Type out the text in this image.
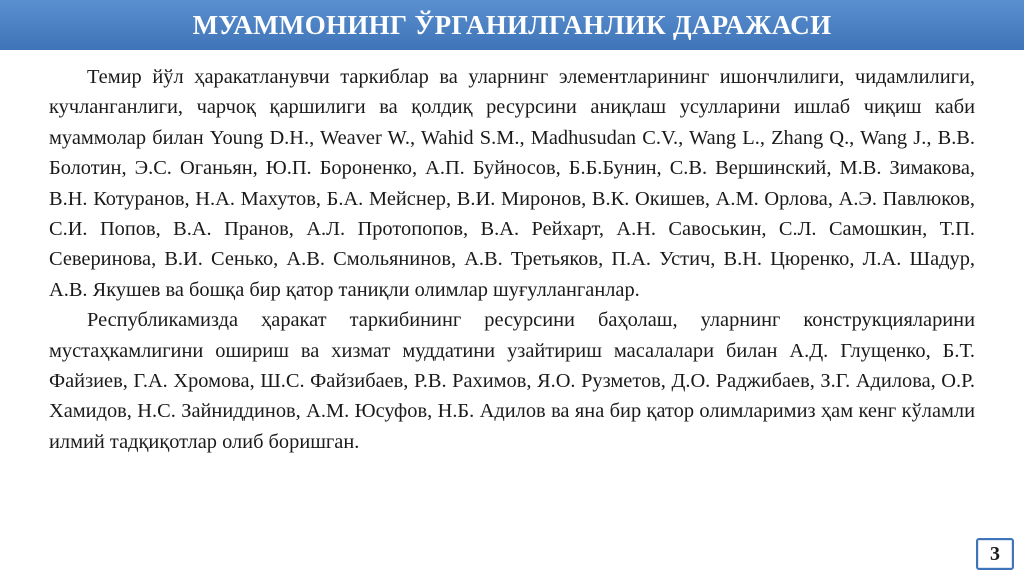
МУАММОНИНГ ЎРГАНИЛГАНЛИК ДАРАЖАСИ

Темир йўл ҳаракатланувчи таркиблар ва уларнинг элементларининг ишончлилиги, чидамлилиги, кучланганлиги, чарчоқ қаршилиги ва қолдиқ ресурсини аниқлаш усулларини ишлаб чиқиш каби муаммолар билан Young D.H., Weaver W., Wahid S.M., Madhusudan C.V., Wang L., Zhang Q., Wang J., В.В. Болотин, Э.С. Оганьян, Ю.П. Бороненко, А.П. Буйносов, Б.Б.Бунин, С.В. Вершинский, М.В. Зимакова, В.Н. Котуранов, Н.А. Махутов, Б.А. Мейснер, В.И. Миронов, В.К. Окишев, А.М. Орлова, А.Э. Павлюков, С.И. Попов, В.А. Пранов, А.Л. Протопопов, В.А. Рейхарт, А.Н. Савоськин, С.Л. Самошкин, Т.П. Северинова, В.И. Сенько, А.В. Смольянинов, А.В. Третьяков, П.А. Устич, В.Н. Цюренко, Л.А. Шадур, А.В. Якушев ва бошқа бир қатор таниқли олимлар шуғулланганлар.

Республикамизда ҳаракат таркибининг ресурсини баҳолаш, уларнинг конструкцияларини мустаҳкамлигини ошириш ва хизмат муддатини узайтириш масалалари билан А.Д. Глущенко, Б.Т. Файзиев, Г.А. Хромова, Ш.С. Файзибаев, Р.В. Рахимов, Я.О. Рузметов, Д.О. Раджибаев, З.Г. Адилова, О.Р. Хамидов, Н.С. Зайниддинов, А.М. Юсуфов, Н.Б. Адилов ва яна бир қатор олимларимиз ҳам кенг кўламли илмий тадқиқотлар олиб боришган.

3
